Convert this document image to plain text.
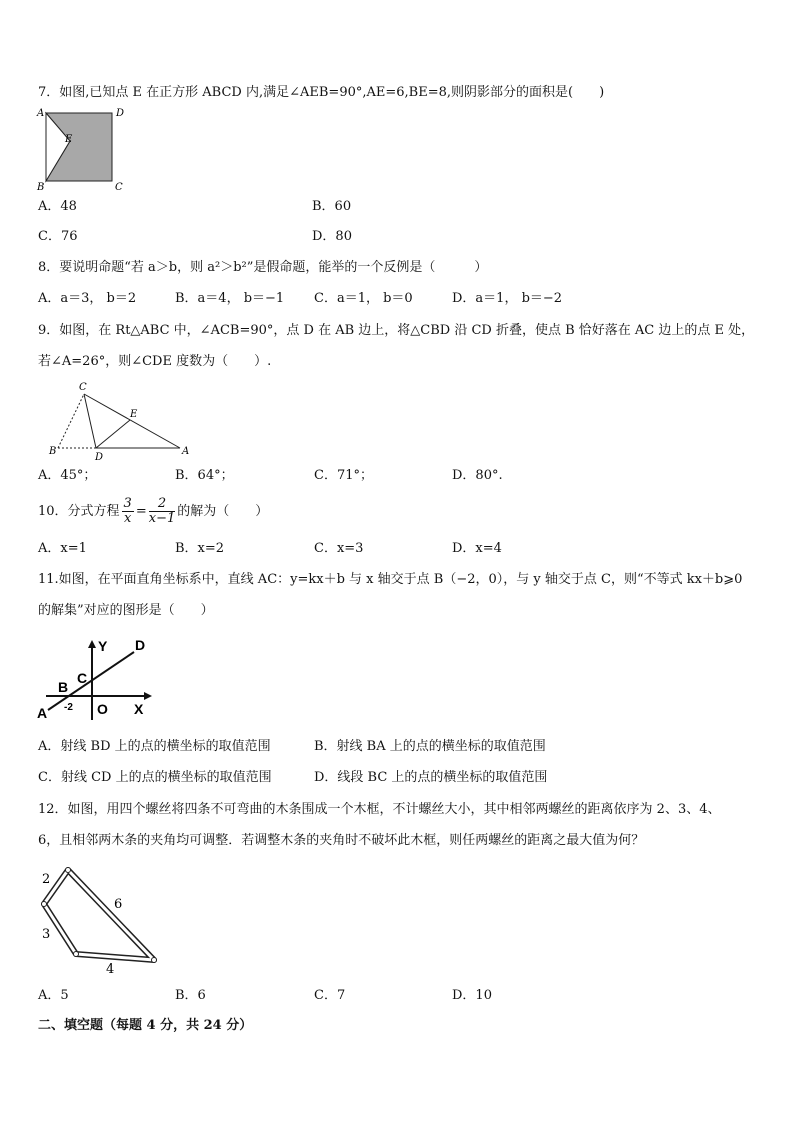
7．如图,已知点 E 在正方形 ABCD 内,满足∠AEB=90°,AE=6,BE=8,则阴影部分的面积是(　　)
A	D
E
B	C
A．48	B．60
C．76	D．80
8．要说明命题“若 a＞b，则 a²＞b²”是假命题，能举的一个反例是（　　　）
A．a＝3， b＝2	B．a＝4， b＝−1 C．a＝1， b＝0	D．a＝1， b＝−2
9．如图，在 Rt△ABC 中，∠ACB=90°，点 D 在 AB 边上，将△CBD 沿 CD 折叠，使点 B 恰好落在 AC 边上的点 E 处，
若∠A=26°，则∠CDE 度数为（　　）.
C
E
B
D
A
A．45°；	B．64°；	C．71°；	D．80°.
10．分式方程 $\frac{3}{x} = \frac{2}{x-1}$ 的解为（　　）
A．x=1	B．x=2	C．x=3	D．x=4
11.如图，在平面直角坐标系中，直线 AC：y=kx＋b 与 x 轴交于点 B（−2，0），与 y 轴交于点 C，则“不等式 kx＋b⩾0
的解集”对应的图形是（　　）
Y D
C
B
A -2 O X
A．射线 BD 上的点的横坐标的取值范围	B．射线 BA 上的点的横坐标的取值范围
C．射线 CD 上的点的横坐标的取值范围	D．线段 BC 上的点的横坐标的取值范围
12．如图，用四个螺丝将四条不可弯曲的木条围成一个木框，不计螺丝大小，其中相邻两螺丝的距离依序为 2、3、4、
6，且相邻两木条的夹角均可调整．若调整木条的夹角时不破坏此木框，则任两螺丝的距离之最大值为何？
2
3
4
6
A．5	B．6	C．7	D．10
二、填空题（每题 4 分，共 24 分）
